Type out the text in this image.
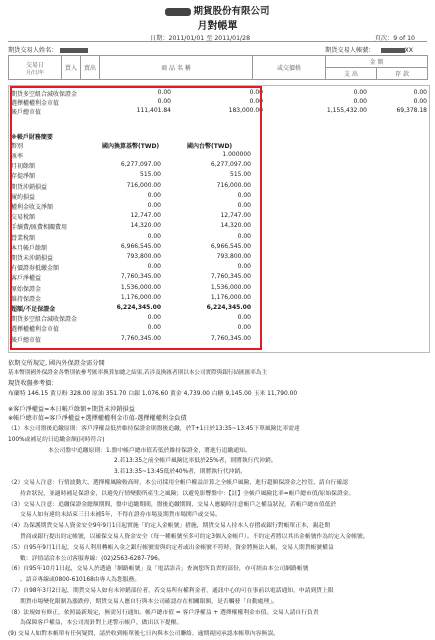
期貨股份有限公司
月對帳單
日期：2011/01/01 至 2011/01/28	頁次：9 of 10
期貨交易人姓名：	期貨交易人帳號：	XX
交易日
月/日/年	買入	賣出	商 品 名 稱	或交價格	金 額	
					支 出	存 款
期貨多空組合減收保證金	0.00	0.00	0.00	0.00
選擇權權利金市值	0.00	0.00	0.00	0.00
帳戶總市值	111,401.84	183,000.00	1,155,432.00	69,378.18
※帳戶財務簡要
幣別	國內換算基幣(TWD)	國內台幣(TWD)
匯率	1.000000
月初餘額	6,277,097.00	6,277,097.00
存提淨額	515.00	515.00
期貨沖銷損益	716,000.00	716,000.00
履約損益	0.00	0.00
權利金收支淨額	0.00	0.00
交易稅額	12,747.00	12,747.00
手續費/匯費相關費用	14,320.00	14,320.00
營業稅額	0.00	0.00
本月帳戶餘額	6,966,545.00	6,966,545.00
期貨未沖銷損益	793,800.00	793,800.00
有價證券抵繳金額	0.00	0.00
客戶淨權益	7,760,345.00	7,760,345.00
原始保證金	1,536,000.00	1,536,000.00
維持保證金	1,176,000.00	1,176,000.00
超額/不足保證金	6,224,345.00	6,224,345.00
期貨多空組合減收保證金	0.00	0.00
選擇權權利金市值	0.00	0.00
帳戶總市值	7,760,345.00	7,760,345.00
依期交所規定, 國內外保證金需分開
基本幣別國外保證金各幣別依參考匯率換算加總之結果,若涉及換匯者則以本公司實際與銀行結匯匯率為主
現貨收盤參考價：
布蘭特 146.15 黃豆粉 328.00 原油 351.70 白銀 1,076.60 黃金 4,739.00 白糖 9,145.00 玉米 11,790.00
※客戶淨權益=本日帳戶餘額+期貨未沖銷損益
※帳戶總市值=客戶淨權益+選擇權權利金市值-選擇權權利金負債
（1）本公司盤後追繳原則：客戶淨權益低於維持保證金則盤後追繳，於T+1日於13:35~13:45下單風險比率需達
100%或補足約日追繳金額(同時符合)
本公司盤中追繳原則：1.盤中帳戶總市值若低於維持保證金，將進行追繳通知。
2.若13:35之前全帳戶風險比率低於25%者，則將執行代沖銷。
3.若13:35~13:45低於40%者，則將執行代沖銷。
（2）交易人注意：行情波動大、選擇權風險較高時，本公司採用全帳戶權益計算之全帳戶風險，進行超額保證金之控管、請自行確認
持倉狀況，並適時補足保證金，以避免行情變動所產生之風險；以避免影響盤中：【註】全帳戶風險比率=帳戶總市值/原始保證金。
（3）交易人注意：追繳保證金總額期間，盤中追繳期間，盤後追繳期間，交易人應隨時注意帳戶之權益狀況，若帳戶總市值低於
交易人如有違約未結束三日未補5年，不得在證券市場及期貨市場開戶或交易。
（4）為保護期貨交易人資金安全9年9月1日起實施「約定入金帳號」措施，期貨交易人持本人存摺或銀行對帳單正本，親赴期
貨商或銀行提出約定帳號，以確保交易人資金安全（每一種帳號至多可約定3個入金帳戶）。不約定者將以其出金帳號作為約定入金帳號。
（5）自95年9月1日起，交易人利用轉帳入金之銀行帳號需與約定者或出金帳號不符時，資金將無法入帳，交易人期貨帳號權益
數：詳情請洽本公司客服專線：(02)2563-6287-796。
（6）自95年10月1日起，交易人於透過「網路帳號」及「電話語音」查詢您所負責的部份，亦可經由本公司網路帳號
、語音專線或0800-610168由專人為您服務。
（7）自98年3月2日起，期貨交易人如有未沖銷部位者，若交易所有權利金者，通訊中心的可在事前以電話通知，申請到貨上限
期貨市場變化限制為漲跌停，期貨交易人應自行與本公司確認存在相關限額，是否觸發「自動處理」。
（8）法規如有修正，依照最新規定，無需另行通知。帳戶總市值 = 客戶淨權益 + 選擇權權利金市值。交易人請自行負責
為保障客戶權益，本公司需針對上述警示帳戶，做出以下提醒。
(9) 交易人如對本帳單有任何疑問，請於收到帳單後七日內與本公司聯絡，逾期視同承認本帳單內容無誤。
